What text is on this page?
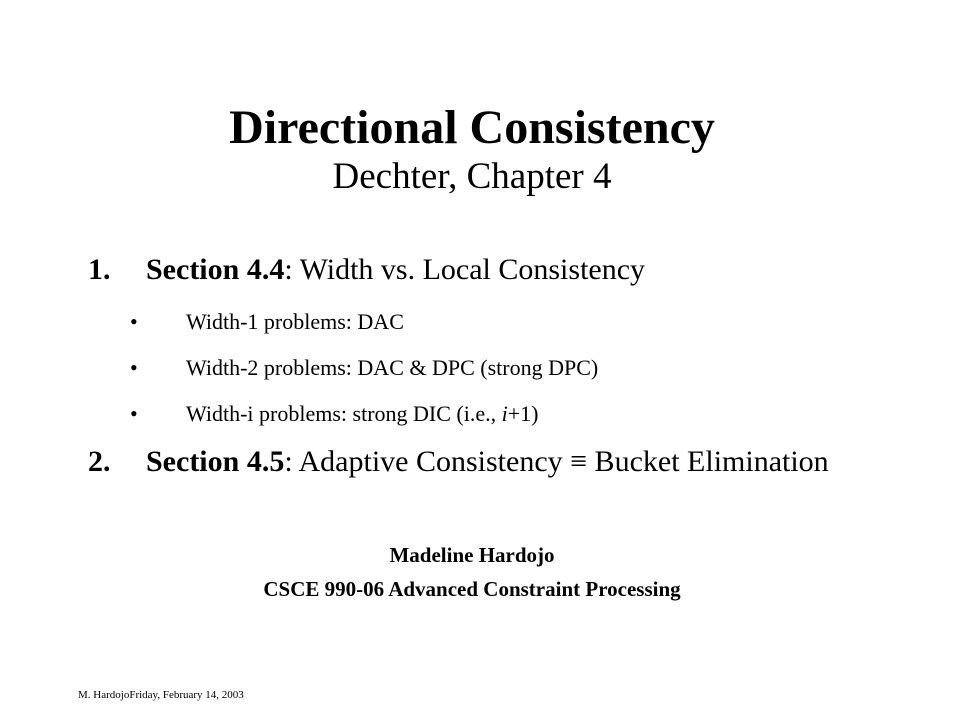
Directional Consistency
Dechter, Chapter 4
1. Section 4.4: Width vs. Local Consistency
• Width-1 problems: DAC
• Width-2 problems: DAC & DPC (strong DPC)
• Width-i problems: strong DIC (i.e., i+1)
2. Section 4.5: Adaptive Consistency ≡ Bucket Elimination
Madeline Hardojo
CSCE 990-06 Advanced Constraint Processing
M. HardojoFriday, February 14, 2003
